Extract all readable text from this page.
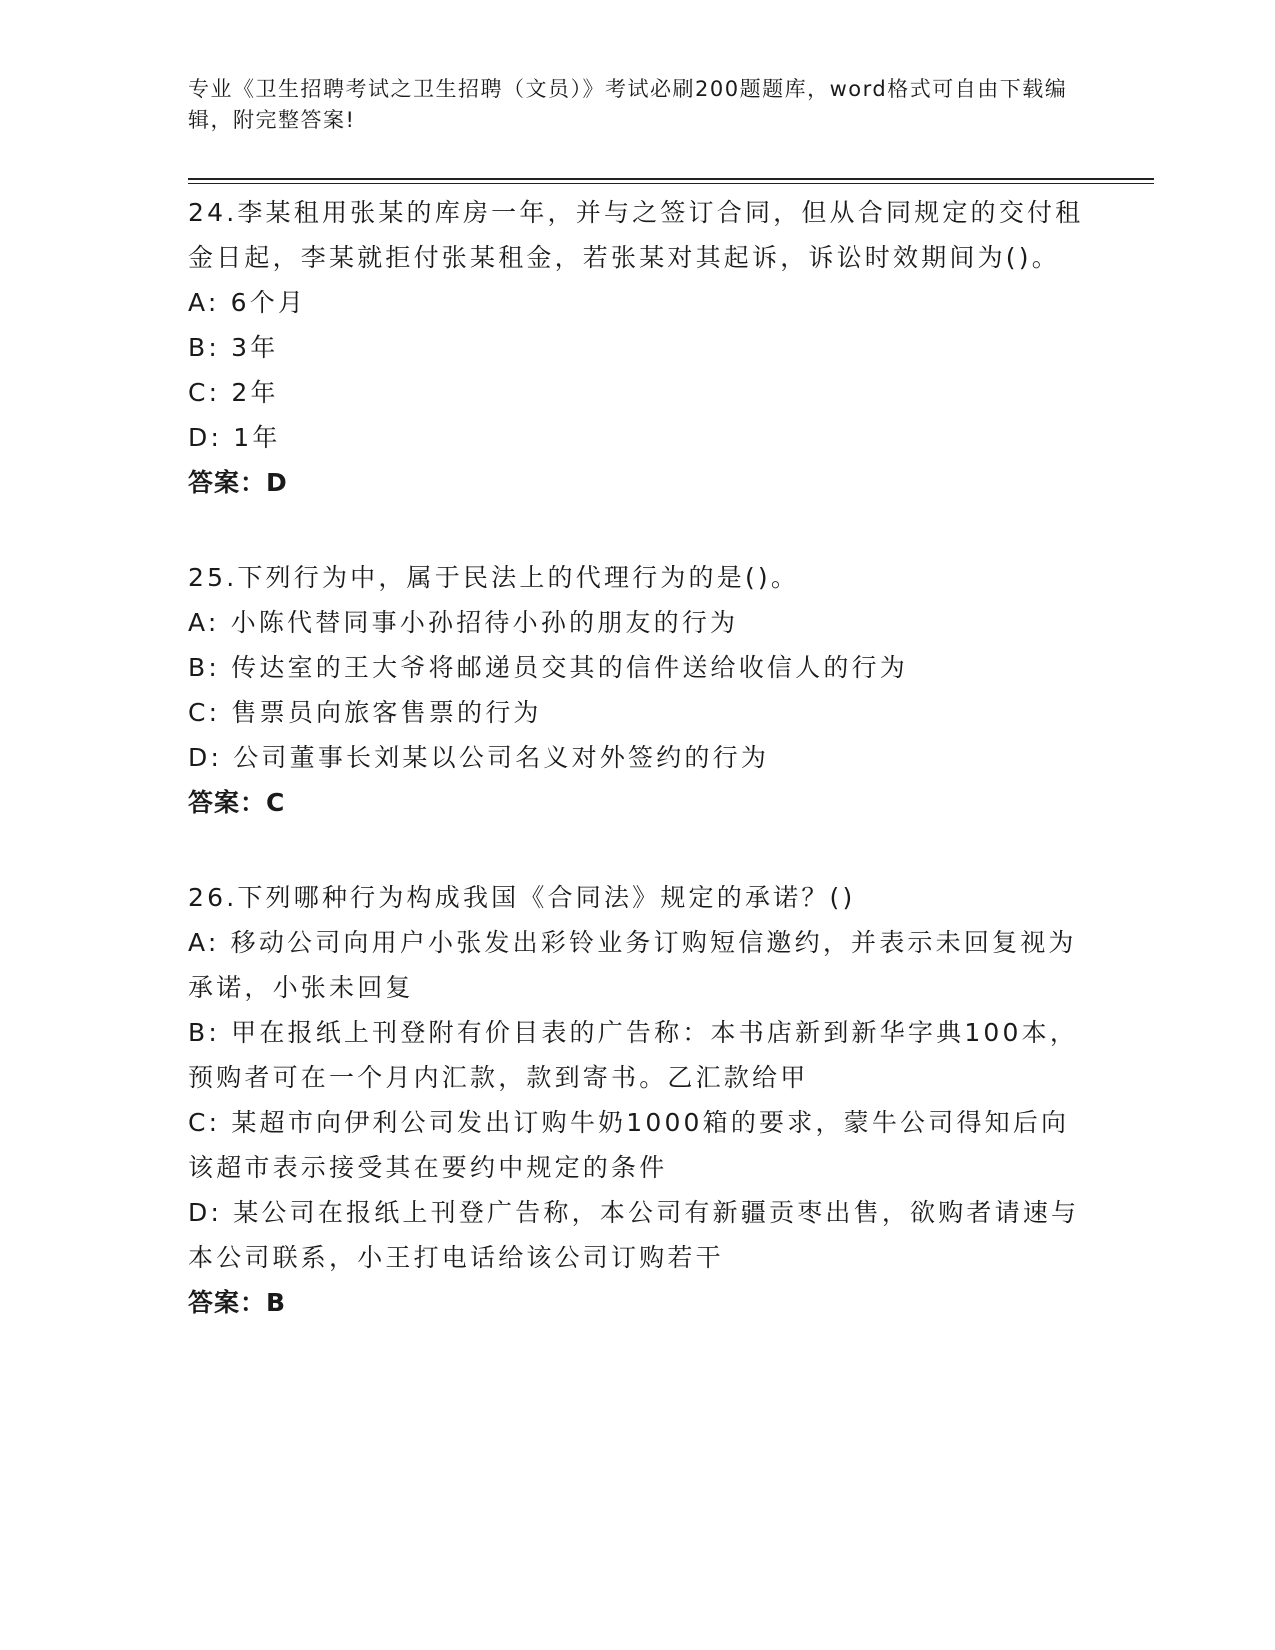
专业《卫生招聘考试之卫生招聘（文员）》考试必刷200题题库，word格式可自由下载编辑，附完整答案!

24.李某租用张某的库房一年，并与之签订合同，但从合同规定的交付租金日起，李某就拒付张某租金，若张某对其起诉，诉讼时效期间为()。

A: 6个月

B: 3年

C: 2年

D: 1年

答案：D

25.下列行为中，属于民法上的代理行为的是()。

A: 小陈代替同事小孙招待小孙的朋友的行为

B: 传达室的王大爷将邮递员交其的信件送给收信人的行为

C: 售票员向旅客售票的行为

D: 公司董事长刘某以公司名义对外签约的行为

答案：C

26.下列哪种行为构成我国《合同法》规定的承诺？()

A: 移动公司向用户小张发出彩铃业务订购短信邀约，并表示未回复视为承诺，小张未回复

B: 甲在报纸上刊登附有价目表的广告称：本书店新到新华字典100本，预购者可在一个月内汇款，款到寄书。乙汇款给甲

C: 某超市向伊利公司发出订购牛奶1000箱的要求，蒙牛公司得知后向该超市表示接受其在要约中规定的条件

D: 某公司在报纸上刊登广告称，本公司有新疆贡枣出售，欲购者请速与本公司联系，小王打电话给该公司订购若干

答案：B
